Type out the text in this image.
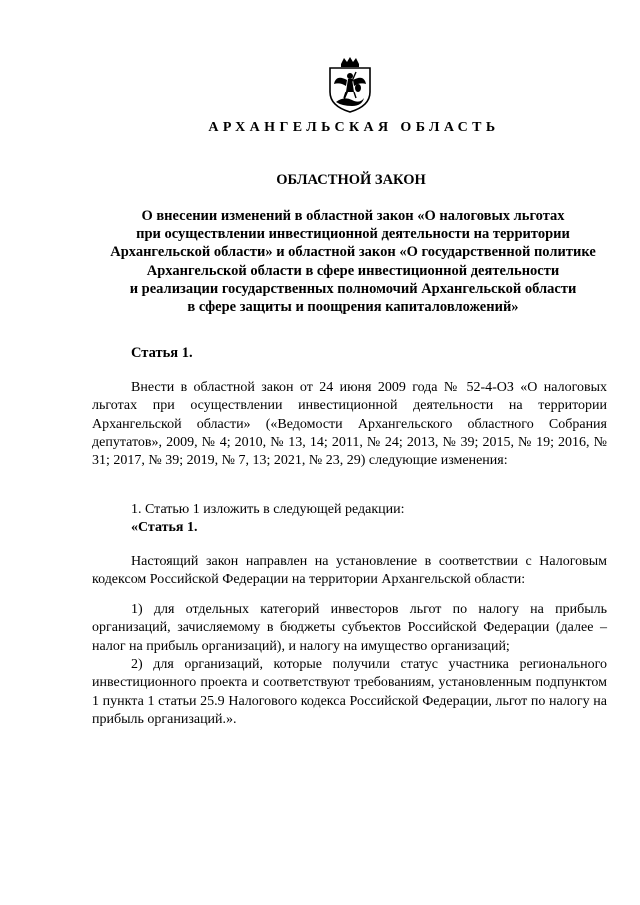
АРХАНГЕЛЬСКАЯ ОБЛАСТЬ
ОБЛАСТНОЙ ЗАКОН
О внесении изменений в областной закон «О налоговых льготах
при осуществлении инвестиционной деятельности на территории
Архангельской области» и областной закон «О государственной политике
Архангельской области в сфере инвестиционной деятельности
и реализации государственных полномочий Архангельской области
в сфере защиты и поощрения капиталовложений»
Статья 1.
Внести в областной закон от 24 июня 2009 года № 52-4-ОЗ «О налоговых льготах при осуществлении инвестиционной деятельности на территории Архангельской области» («Ведомости Архангельского областного Собрания депутатов», 2009, № 4; 2010, № 13, 14; 2011, № 24; 2013, № 39; 2015, № 19; 2016, № 31; 2017, № 39; 2019, № 7, 13; 2021, № 23, 29) следующие изменения:
1. Статью 1 изложить в следующей редакции:
«Статья 1.
Настоящий закон направлен на установление в соответствии с Налоговым кодексом Российской Федерации на территории Архангельской области:
1) для отдельных категорий инвесторов льгот по налогу на прибыль организаций, зачисляемому в бюджеты субъектов Российской Федерации (далее – налог на прибыль организаций), и налогу на имущество организаций;
2) для организаций, которые получили статус участника регионального инвестиционного проекта и соответствуют требованиям, установленным подпунктом 1 пункта 1 статьи 25.9 Налогового кодекса Российской Федерации, льгот по налогу на прибыль организаций.».
